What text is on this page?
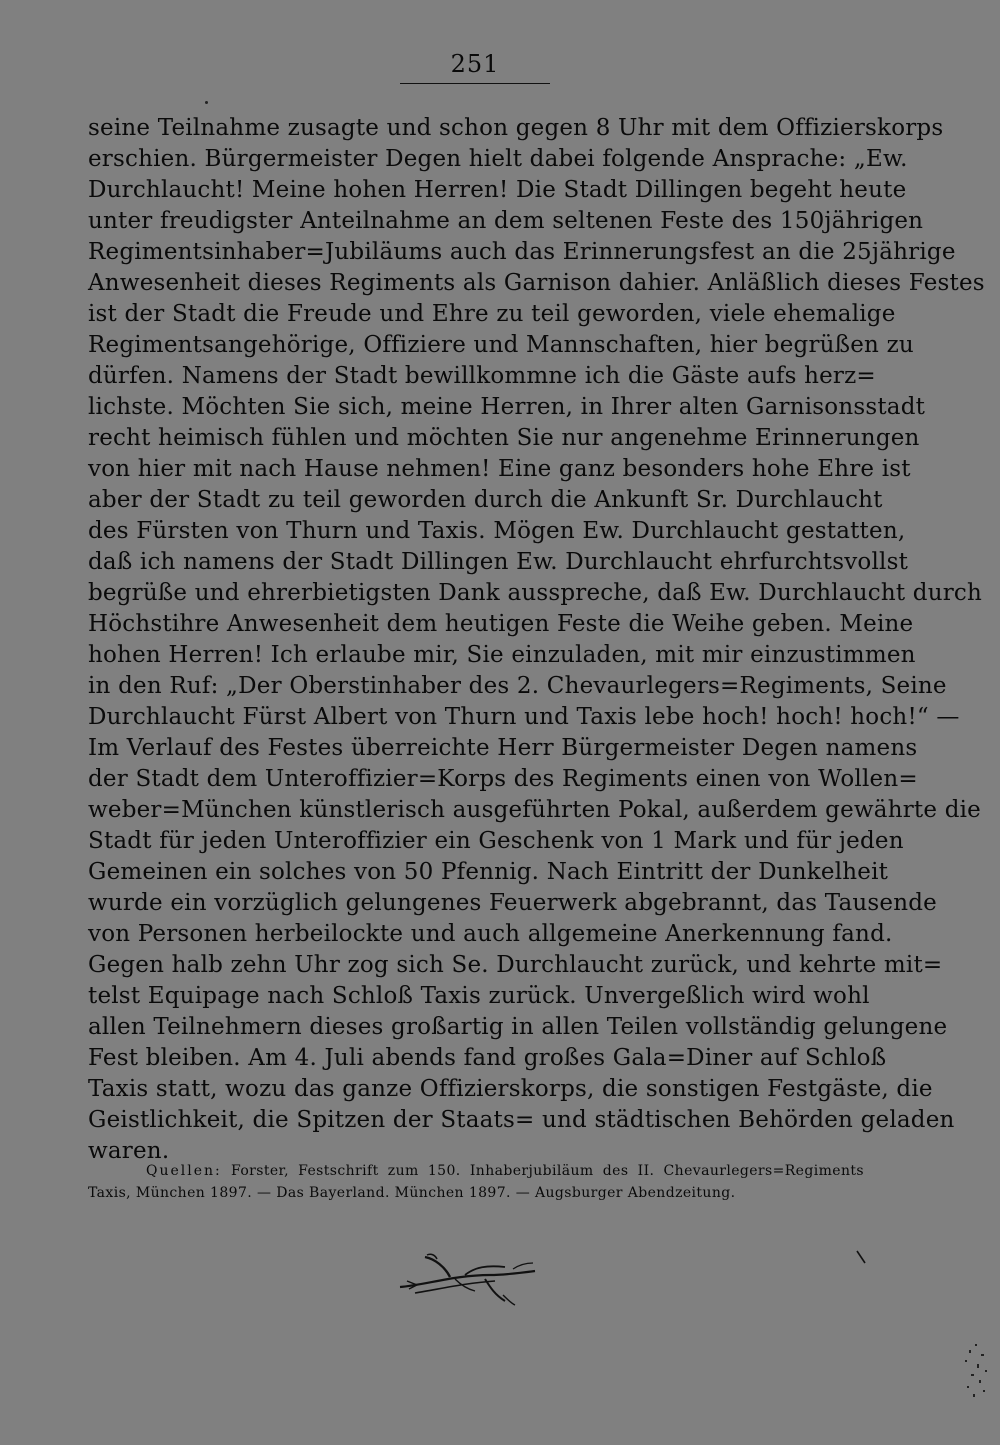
251
seine Teilnahme zusagte und schon gegen 8 Uhr mit dem Offizierskorps
erschien. Bürgermeister Degen hielt dabei folgende Ansprache: „Ew.
Durchlaucht! Meine hohen Herren! Die Stadt Dillingen begeht heute
unter freudigster Anteilnahme an dem seltenen Feste des 150jährigen
Regimentsinhaber=Jubiläums auch das Erinnerungsfest an die 25jährige
Anwesenheit dieses Regiments als Garnison dahier. Anläßlich dieses Festes
ist der Stadt die Freude und Ehre zu teil geworden, viele ehemalige
Regimentsangehörige, Offiziere und Mannschaften, hier begrüßen zu
dürfen. Namens der Stadt bewillkommne ich die Gäste aufs herz=
lichste. Möchten Sie sich, meine Herren, in Ihrer alten Garnisonsstadt
recht heimisch fühlen und möchten Sie nur angenehme Erinnerungen
von hier mit nach Hause nehmen! Eine ganz besonders hohe Ehre ist
aber der Stadt zu teil geworden durch die Ankunft Sr. Durchlaucht
des Fürsten von Thurn und Taxis. Mögen Ew. Durchlaucht gestatten,
daß ich namens der Stadt Dillingen Ew. Durchlaucht ehrfurchtsvollst
begrüße und ehrerbietigsten Dank ausspreche, daß Ew. Durchlaucht durch
Höchstihre Anwesenheit dem heutigen Feste die Weihe geben. Meine
hohen Herren! Ich erlaube mir, Sie einzuladen, mit mir einzustimmen
in den Ruf: „Der Oberstinhaber des 2. Chevaurlegers=Regiments, Seine
Durchlaucht Fürst Albert von Thurn und Taxis lebe hoch! hoch! hoch!“ —
Im Verlauf des Festes überreichte Herr Bürgermeister Degen namens
der Stadt dem Unteroffizier=Korps des Regiments einen von Wollen=
weber=München künstlerisch ausgeführten Pokal, außerdem gewährte die
Stadt für jeden Unteroffizier ein Geschenk von 1 Mark und für jeden
Gemeinen ein solches von 50 Pfennig. Nach Eintritt der Dunkelheit
wurde ein vorzüglich gelungenes Feuerwerk abgebrannt, das Tausende
von Personen herbeilockte und auch allgemeine Anerkennung fand.
Gegen halb zehn Uhr zog sich Se. Durchlaucht zurück, und kehrte mit=
telst Equipage nach Schloß Taxis zurück. Unvergeßlich wird wohl
allen Teilnehmern dieses großartig in allen Teilen vollständig gelungene
Fest bleiben. Am 4. Juli abends fand großes Gala=Diner auf Schloß
Taxis statt, wozu das ganze Offizierskorps, die sonstigen Festgäste, die
Geistlichkeit, die Spitzen der Staats= und städtischen Behörden geladen
waren.
Quellen: Forster, Festschrift zum 150. Inhaberjubiläum des II. Chevaurlegers=Regiments
Taxis, München 1897. — Das Bayerland. München 1897. — Augsburger Abendzeitung.
